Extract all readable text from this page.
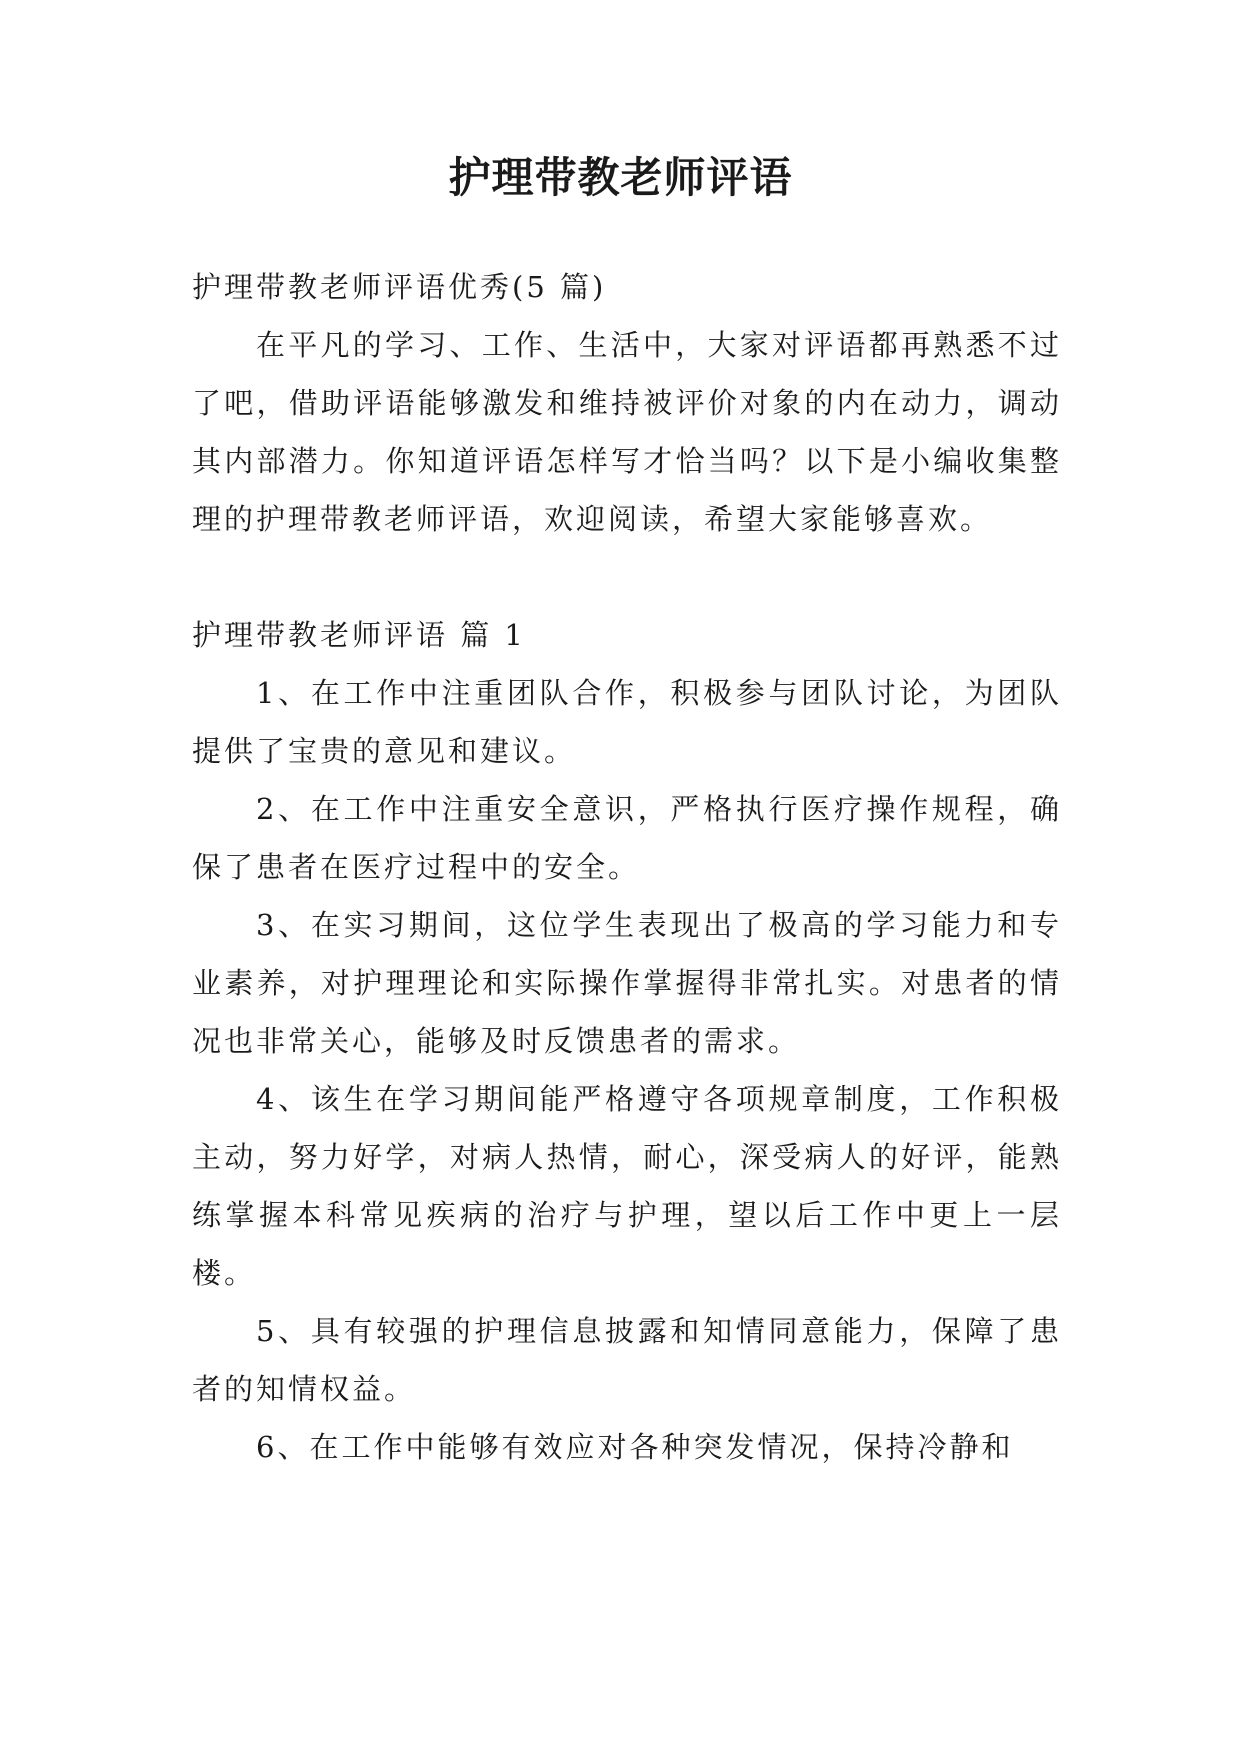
护理带教老师评语

护理带教老师评语优秀(5 篇)

在平凡的学习、工作、生活中，大家对评语都再熟悉不过了吧，借助评语能够激发和维持被评价对象的内在动力，调动其内部潜力。你知道评语怎样写才恰当吗？以下是小编收集整理的护理带教老师评语，欢迎阅读，希望大家能够喜欢。

护理带教老师评语 篇 1

1、在工作中注重团队合作，积极参与团队讨论，为团队提供了宝贵的意见和建议。

2、在工作中注重安全意识，严格执行医疗操作规程，确保了患者在医疗过程中的安全。

3、在实习期间，这位学生表现出了极高的学习能力和专业素养，对护理理论和实际操作掌握得非常扎实。对患者的情况也非常关心，能够及时反馈患者的需求。

4、该生在学习期间能严格遵守各项规章制度，工作积极主动，努力好学，对病人热情，耐心，深受病人的好评，能熟练掌握本科常见疾病的治疗与护理，望以后工作中更上一层楼。

5、具有较强的护理信息披露和知情同意能力，保障了患者的知情权益。

6、在工作中能够有效应对各种突发情况，保持冷静和
